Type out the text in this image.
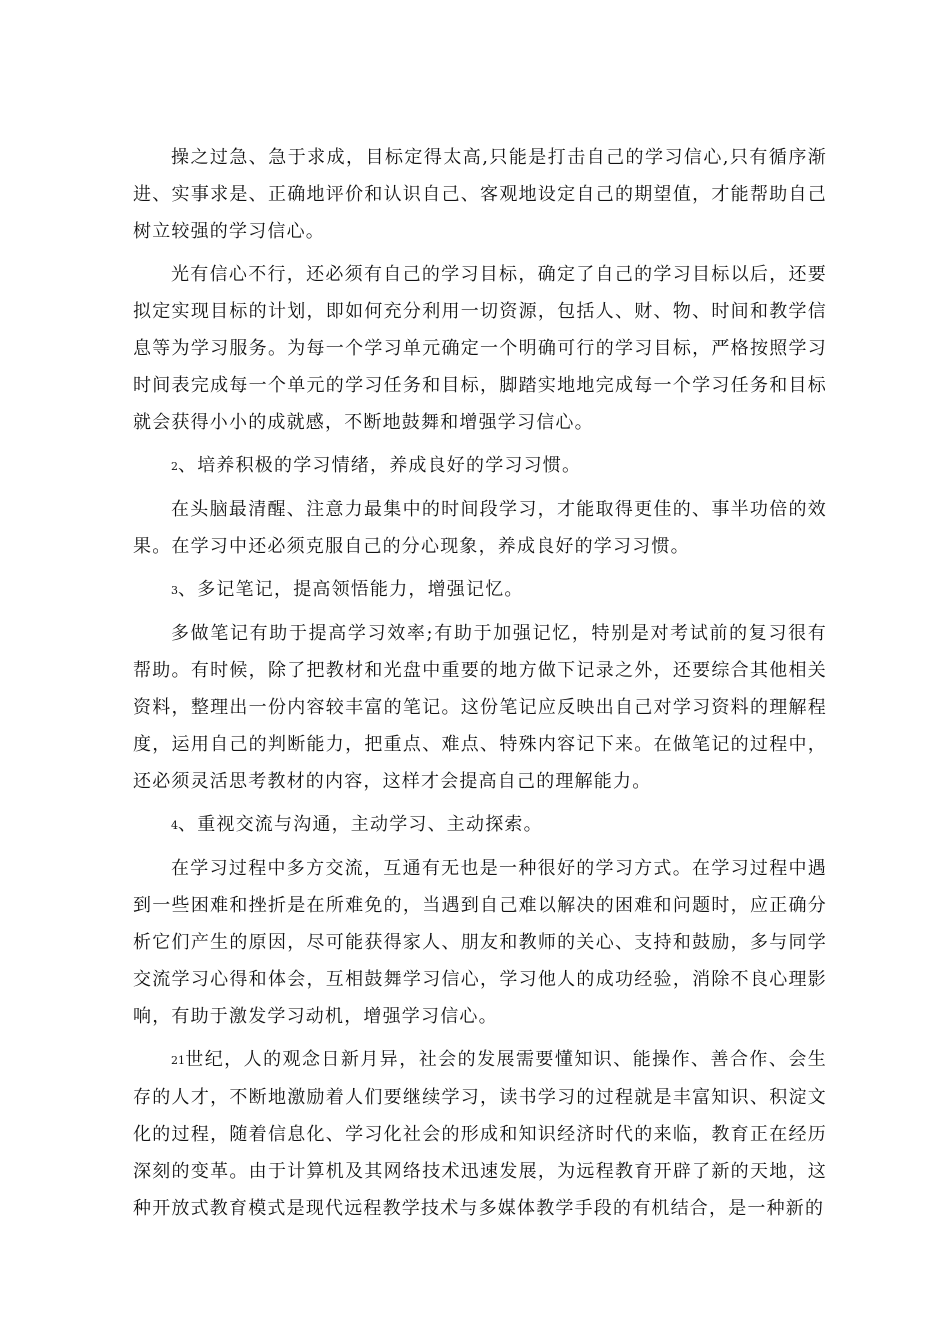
操之过急、急于求成，目标定得太高,只能是打击自己的学习信心,只有循序渐进、实事求是、正确地评价和认识自己、客观地设定自己的期望值，才能帮助自己树立较强的学习信心。

光有信心不行，还必须有自己的学习目标，确定了自己的学习目标以后，还要拟定实现目标的计划，即如何充分利用一切资源，包括人、财、物、时间和教学信息等为学习服务。为每一个学习单元确定一个明确可行的学习目标，严格按照学习时间表完成每一个单元的学习任务和目标，脚踏实地地完成每一个学习任务和目标就会获得小小的成就感，不断地鼓舞和增强学习信心。

2、培养积极的学习情绪，养成良好的学习习惯。

在头脑最清醒、注意力最集中的时间段学习，才能取得更佳的、事半功倍的效果。在学习中还必须克服自己的分心现象，养成良好的学习习惯。

3、多记笔记，提高领悟能力，增强记忆。

多做笔记有助于提高学习效率;有助于加强记忆，特别是对考试前的复习很有帮助。有时候，除了把教材和光盘中重要的地方做下记录之外，还要综合其他相关资料，整理出一份内容较丰富的笔记。这份笔记应反映出自己对学习资料的理解程度，运用自己的判断能力，把重点、难点、特殊内容记下来。在做笔记的过程中，还必须灵活思考教材的内容，这样才会提高自己的理解能力。

4、重视交流与沟通，主动学习、主动探索。

在学习过程中多方交流，互通有无也是一种很好的学习方式。在学习过程中遇到一些困难和挫折是在所难免的，当遇到自己难以解决的困难和问题时，应正确分析它们产生的原因，尽可能获得家人、朋友和教师的关心、支持和鼓励，多与同学交流学习心得和体会，互相鼓舞学习信心，学习他人的成功经验，消除不良心理影响，有助于激发学习动机，增强学习信心。

21世纪，人的观念日新月异，社会的发展需要懂知识、能操作、善合作、会生存的人才，不断地激励着人们要继续学习，读书学习的过程就是丰富知识、积淀文化的过程，随着信息化、学习化社会的形成和知识经济时代的来临，教育正在经历深刻的变革。由于计算机及其网络技术迅速发展，为远程教育开辟了新的天地，这种开放式教育模式是现代远程教学技术与多媒体教学手段的有机结合，是一种新的
